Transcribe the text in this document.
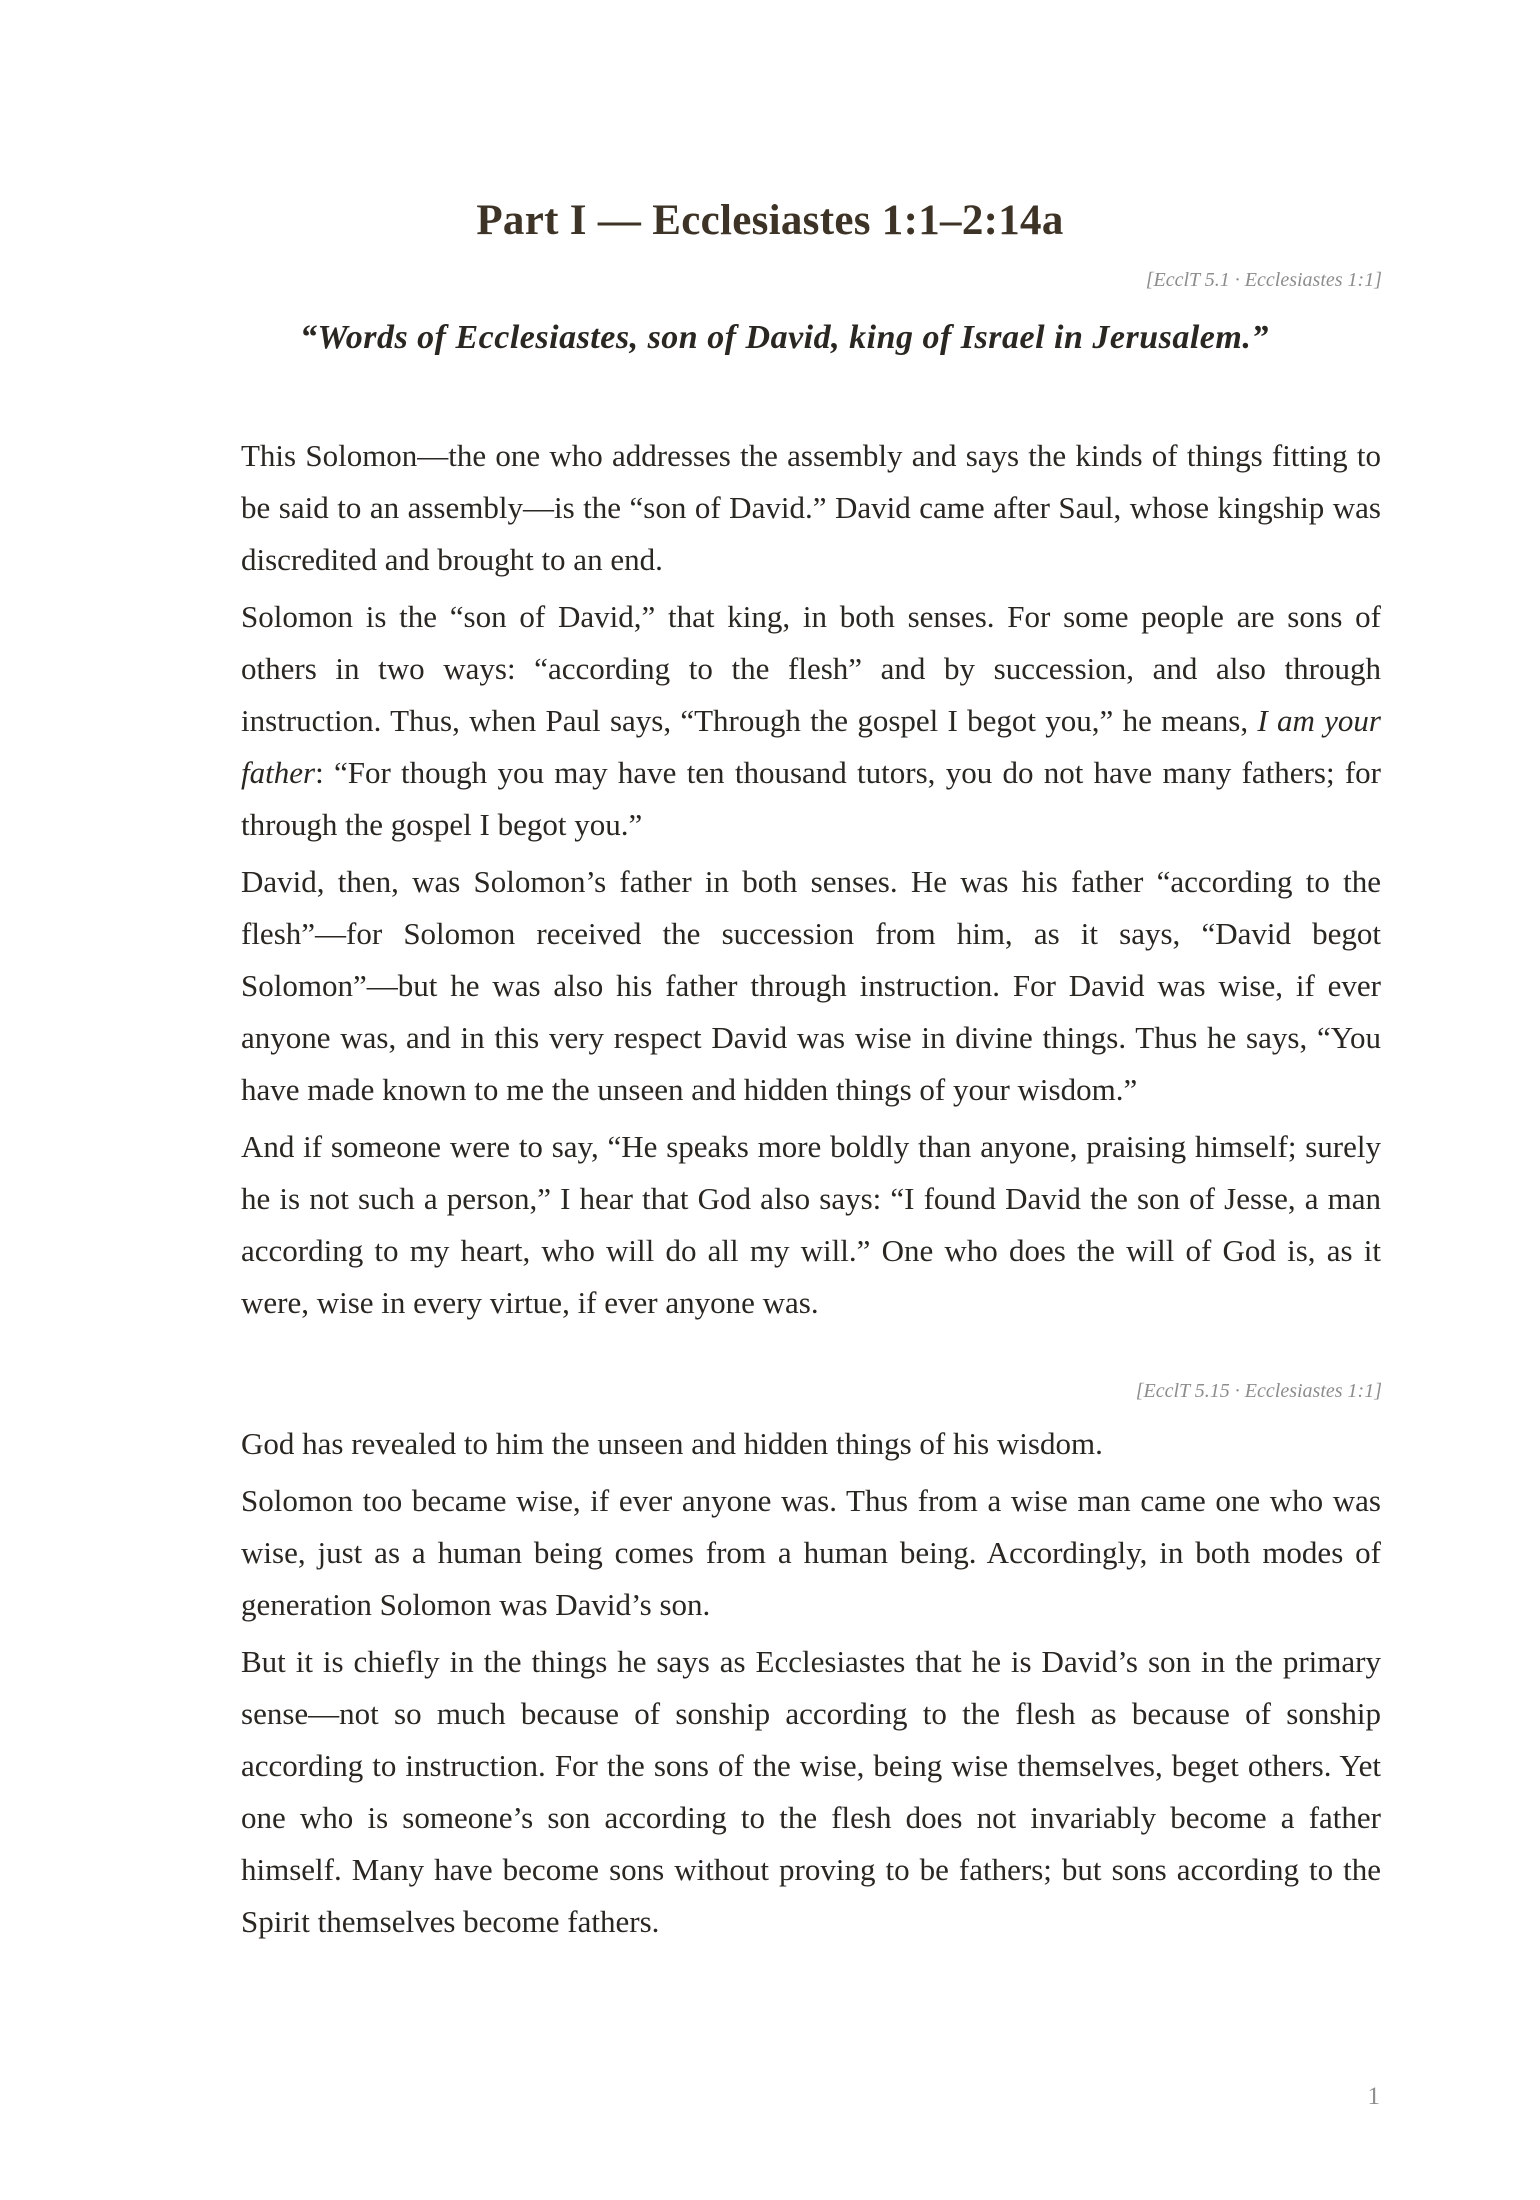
Part I — Ecclesiastes 1:1–2:14a
[EcclT 5.1 · Ecclesiastes 1:1]
“Words of Ecclesiastes, son of David, king of Israel in Jerusalem.”

This Solomon—the one who addresses the assembly and says the kinds of things fitting to be said to an assembly—is the “son of David.” David came after Saul, whose kingship was discredited and brought to an end.

Solomon is the “son of David,” that king, in both senses. For some people are sons of others in two ways: “according to the flesh” and by succession, and also through instruction. Thus, when Paul says, “Through the gospel I begot you,” he means, I am your father: “For though you may have ten thousand tutors, you do not have many fathers; for through the gospel I begot you.”

David, then, was Solomon’s father in both senses. He was his father “according to the flesh”—for Solomon received the succession from him, as it says, “David begot Solomon”—but he was also his father through instruction. For David was wise, if ever anyone was, and in this very respect David was wise in divine things. Thus he says, “You have made known to me the unseen and hidden things of your wisdom.”

And if someone were to say, “He speaks more boldly than anyone, praising himself; surely he is not such a person,” I hear that God also says: “I found David the son of Jesse, a man according to my heart, who will do all my will.” One who does the will of God is, as it were, wise in every virtue, if ever anyone was.

[EcclT 5.15 · Ecclesiastes 1:1]

God has revealed to him the unseen and hidden things of his wisdom.

Solomon too became wise, if ever anyone was. Thus from a wise man came one who was wise, just as a human being comes from a human being. Accordingly, in both modes of generation Solomon was David’s son.

But it is chiefly in the things he says as Ecclesiastes that he is David’s son in the primary sense—not so much because of sonship according to the flesh as because of sonship according to instruction. For the sons of the wise, being wise themselves, beget others. Yet one who is someone’s son according to the flesh does not invariably become a father himself. Many have become sons without proving to be fathers; but sons according to the Spirit themselves become fathers.

1
